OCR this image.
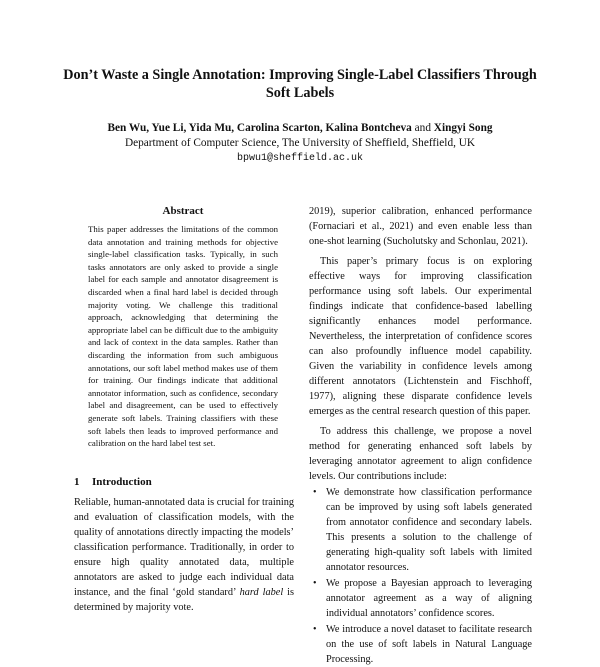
Don’t Waste a Single Annotation: Improving Single-Label Classifiers Through Soft Labels
Ben Wu, Yue Li, Yida Mu, Carolina Scarton, Kalina Bontcheva and Xingyi Song
Department of Computer Science, The University of Sheffield, Sheffield, UK
bpwu1@sheffield.ac.uk
Abstract
This paper addresses the limitations of the common data annotation and training methods for objective single-label classification tasks. Typically, in such tasks annotators are only asked to provide a single label for each sample and annotator disagreement is discarded when a final hard label is decided through majority voting. We challenge this traditional approach, acknowledging that determining the appropriate label can be difficult due to the ambiguity and lack of context in the data samples. Rather than discarding the information from such ambiguous annotations, our soft label method makes use of them for training. Our findings indicate that additional annotator information, such as confidence, secondary label and disagreement, can be used to effectively generate soft labels. Training classifiers with these soft labels then leads to improved performance and calibration on the hard label test set.
1 Introduction
Reliable, human-annotated data is crucial for training and evaluation of classification models, with the quality of annotations directly impacting the models’ classification performance. Traditionally, in order to ensure high quality annotated data, multiple annotators are asked to judge each individual data instance, and the final ‘gold standard’ hard label is determined by majority vote.

2019), superior calibration, enhanced performance (Fornaciari et al., 2021) and even enable less than one-shot learning (Sucholutsky and Schonlau, 2021).

This paper’s primary focus is on exploring effective ways for improving classification performance using soft labels. Our experimental findings indicate that confidence-based labelling significantly enhances model performance. Nevertheless, the interpretation of confidence scores can also profoundly influence model capability. Given the variability in confidence levels among different annotators (Lichtenstein and Fischhoff, 1977), aligning these disparate confidence levels emerges as the central research question of this paper.

To address this challenge, we propose a novel method for generating enhanced soft labels by leveraging annotator agreement to align confidence levels. Our contributions include:

• We demonstrate how classification performance can be improved by using soft labels generated from annotator confidence and secondary labels. This presents a solution to the challenge of generating high-quality soft labels with limited annotator resources.
• We propose a Bayesian approach to leveraging annotator agreement as a way of aligning individual annotators’ confidence scores.
• We introduce a novel dataset to facilitate research on the use of soft labels in Natural Language Processing.
